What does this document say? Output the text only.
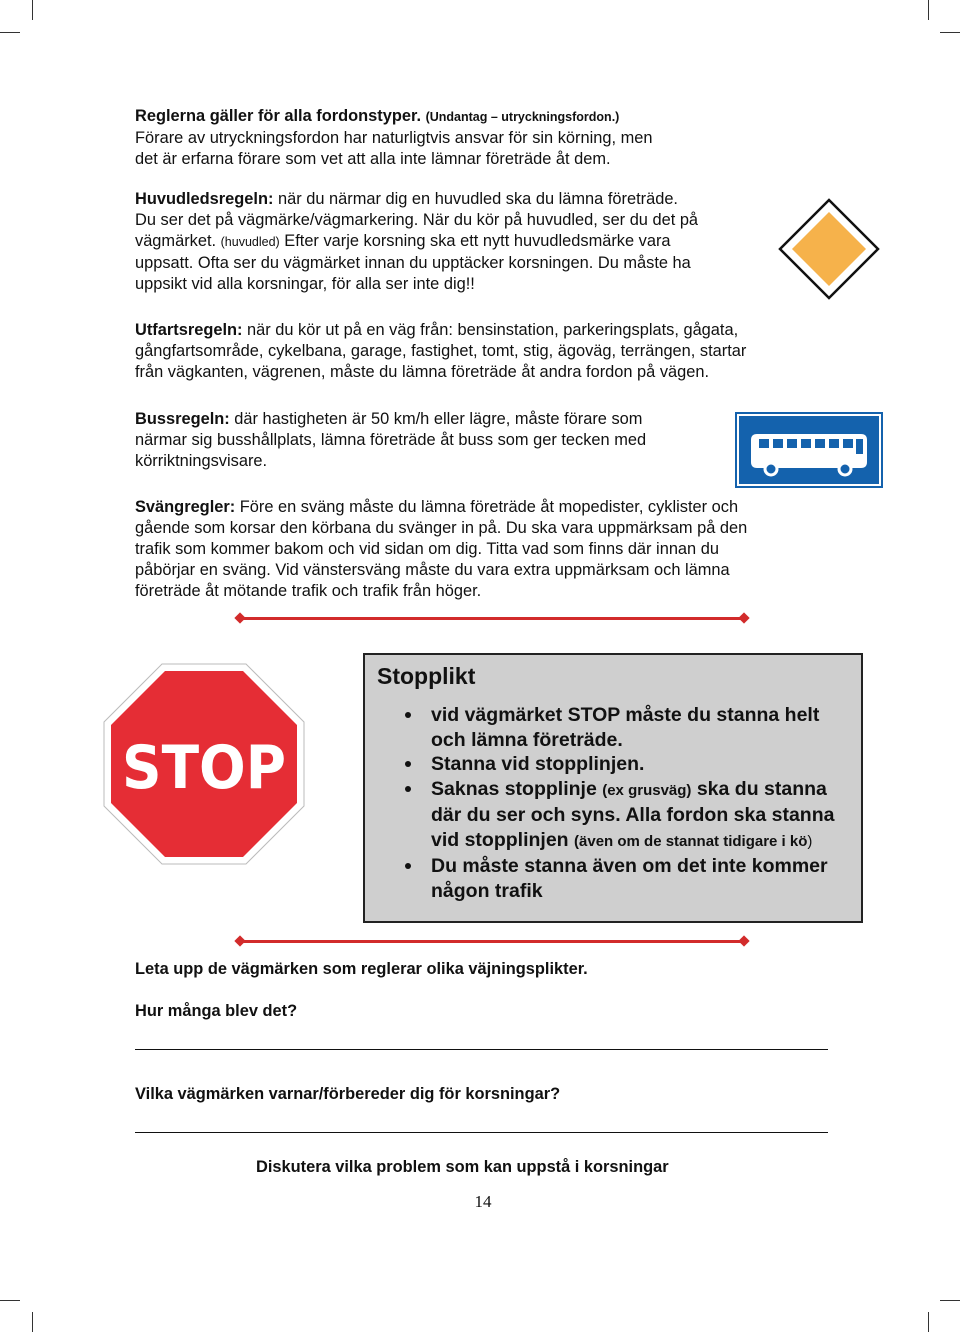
Reglerna gäller för alla fordonstyper. (Undantag – utryckningsfordon.)
Förare av utryckningsfordon har naturligtvis ansvar för sin körning, men
det är erfarna förare som vet att alla inte lämnar företräde åt dem.
Huvudledsregeln: när du närmar dig en huvudled ska du lämna företräde.
Du ser det på vägmärke/vägmarkering. När du kör på huvudled, ser du det på
vägmärket. (huvudled) Efter varje korsning ska ett nytt huvudledsmärke vara
uppsatt. Ofta ser du vägmärket innan du upptäcker korsningen. Du måste ha
uppsikt vid alla korsningar, för alla ser inte dig!!
Utfartsregeln: när du kör ut på en väg från: bensinstation, parkeringsplats, gågata,
gångfartsområde, cykelbana, garage, fastighet, tomt, stig, ägoväg, terrängen, startar
från vägkanten, vägrenen, måste du lämna företräde åt andra fordon på vägen.
Bussregeln: där hastigheten är 50 km/h eller lägre, måste förare som
närmar sig busshållplats, lämna företräde åt buss som ger tecken med
körriktningsvisare.
Svängregler: Före en sväng måste du lämna företräde åt mopedister, cyklister och
gående som korsar den körbana du svänger in på. Du ska vara uppmärksam på den
trafik som kommer bakom och vid sidan om dig. Titta vad som finns där innan du
påbörjar en sväng. Vid vänstersväng måste du vara extra uppmärksam och lämna
företräde åt mötande trafik och trafik från höger.
STOP
Stopplikt
vid vägmärket STOP måste du stanna helt och lämna företräde.
Stanna vid stopplinjen.
Saknas stopplinje (ex grusväg) ska du stanna där du ser och syns. Alla fordon ska stanna vid stopplinjen (även om de stannat tidigare i kö)
Du måste stanna även om det inte kommer någon trafik
Leta upp de vägmärken som reglerar olika väjningsplikter.
Hur många blev det?
Vilka vägmärken varnar/förbereder dig för korsningar?
Diskutera vilka problem som kan uppstå i korsningar
14
